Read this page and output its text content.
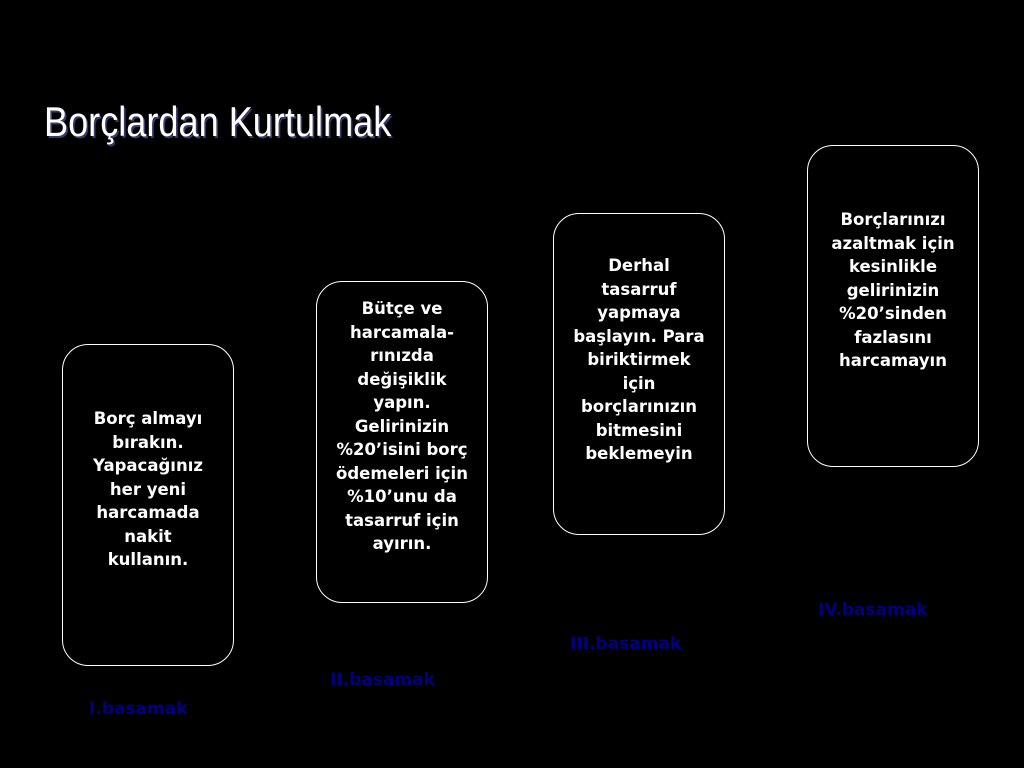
Borçlardan Kurtulmak
Borç almayı bırakın. Yapacağınız her yeni harcamada nakit kullanın.
I.basamak
Bütçe ve harcamala-rınızda değişiklik yapın. Gelirinizin %20’isini borç ödemeleri için %10’unu da tasarruf için ayırın.
II.basamak
Derhal tasarruf yapmaya başlayın. Para biriktirmek için borçlarınızın bitmesini beklemeyin
III.basamak
Borçlarınızı azaltmak için kesinlikle gelirinizin %20’sinden fazlasını harcamayın
IV.basamak
